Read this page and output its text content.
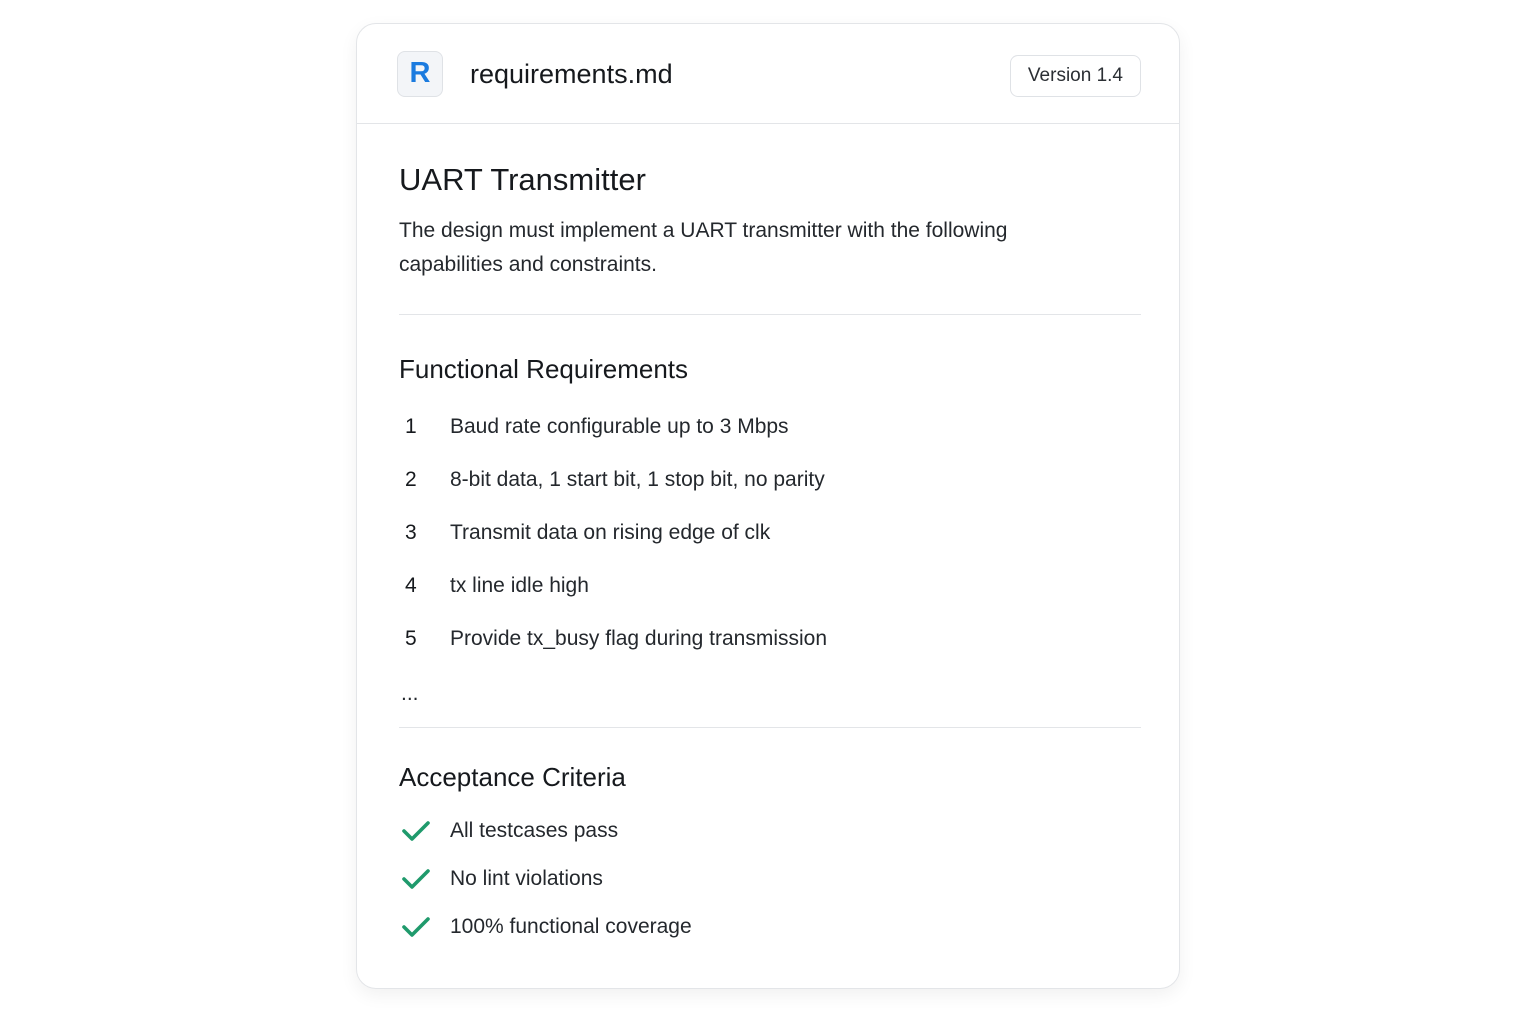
R	requirements.md	Version 1.4
UART Transmitter

The design must implement a UART transmitter with the following capabilities and constraints.

Functional Requirements
1 Baud rate configurable up to 3 Mbps
2 8-bit data, 1 start bit, 1 stop bit, no parity
3 Transmit data on rising edge of clk
4 tx line idle high
5 Provide tx_busy flag during transmission
...
Acceptance Criteria
All testcases pass
No lint violations
100% functional coverage
